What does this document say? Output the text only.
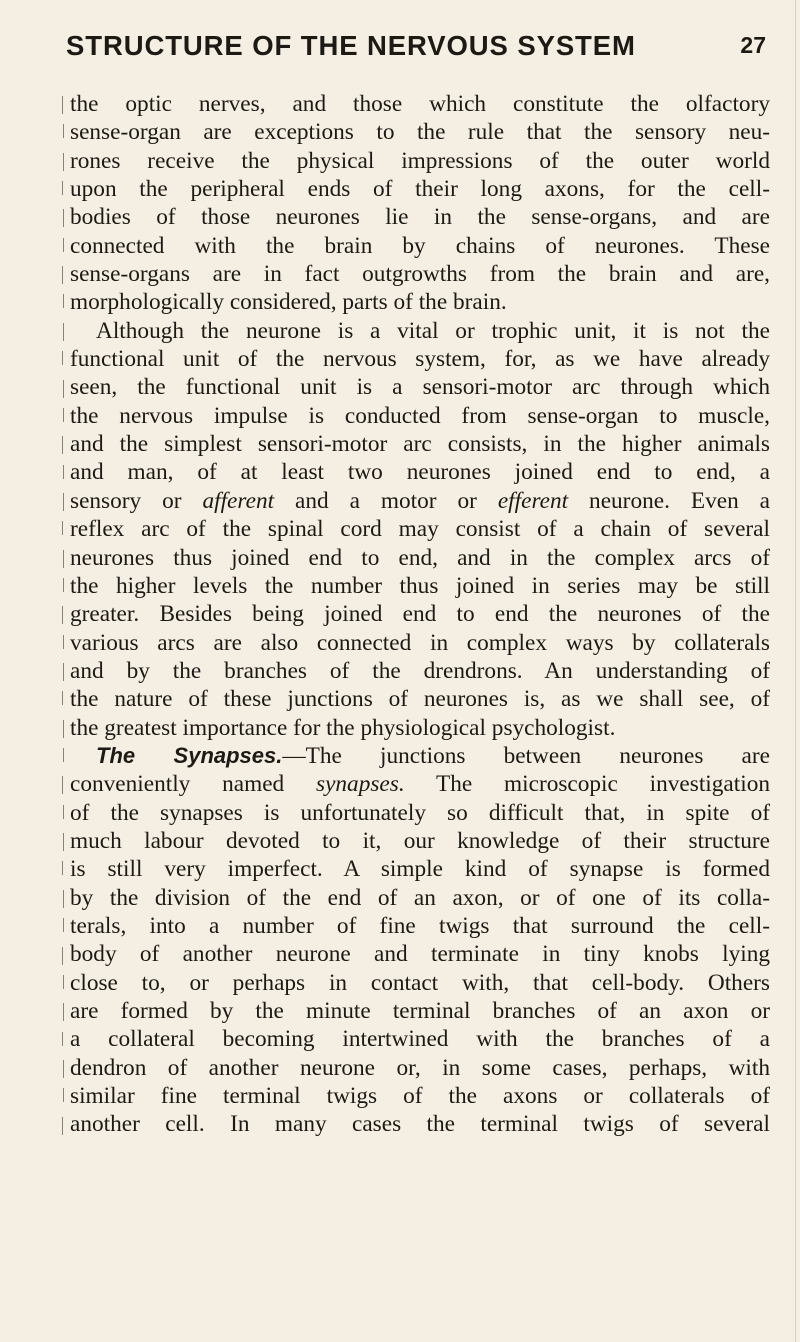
STRUCTURE OF THE NERVOUS SYSTEM	27
the optic nerves, and those which constitute the olfactory
sense-organ are exceptions to the rule that the sensory neu-
rones receive the physical impressions of the outer world
upon the peripheral ends of their long axons, for the cell-
bodies of those neurones lie in the sense-organs, and are
connected with the brain by chains of neurones. These
sense-organs are in fact outgrowths from the brain and are,
morphologically considered, parts of the brain.
Although the neurone is a vital or trophic unit, it is not the
functional unit of the nervous system, for, as we have already
seen, the functional unit is a sensori-motor arc through which
the nervous impulse is conducted from sense-organ to muscle,
and the simplest sensori-motor arc consists, in the higher animals
and man, of at least two neurones joined end to end, a
sensory or afferent and a motor or efferent neurone. Even a
reflex arc of the spinal cord may consist of a chain of several
neurones thus joined end to end, and in the complex arcs of
the higher levels the number thus joined in series may be still
greater. Besides being joined end to end the neurones of the
various arcs are also connected in complex ways by collaterals
and by the branches of the drendrons. An understanding of
the nature of these junctions of neurones is, as we shall see, of
the greatest importance for the physiological psychologist.
The Synapses.—The junctions between neurones are
conveniently named synapses. The microscopic investigation
of the synapses is unfortunately so difficult that, in spite of
much labour devoted to it, our knowledge of their structure
is still very imperfect. A simple kind of synapse is formed
by the division of the end of an axon, or of one of its colla-
terals, into a number of fine twigs that surround the cell-
body of another neurone and terminate in tiny knobs lying
close to, or perhaps in contact with, that cell-body. Others
are formed by the minute terminal branches of an axon or
a collateral becoming intertwined with the branches of a
dendron of another neurone or, in some cases, perhaps, with
similar fine terminal twigs of the axons or collaterals of
another cell. In many cases the terminal twigs of several
